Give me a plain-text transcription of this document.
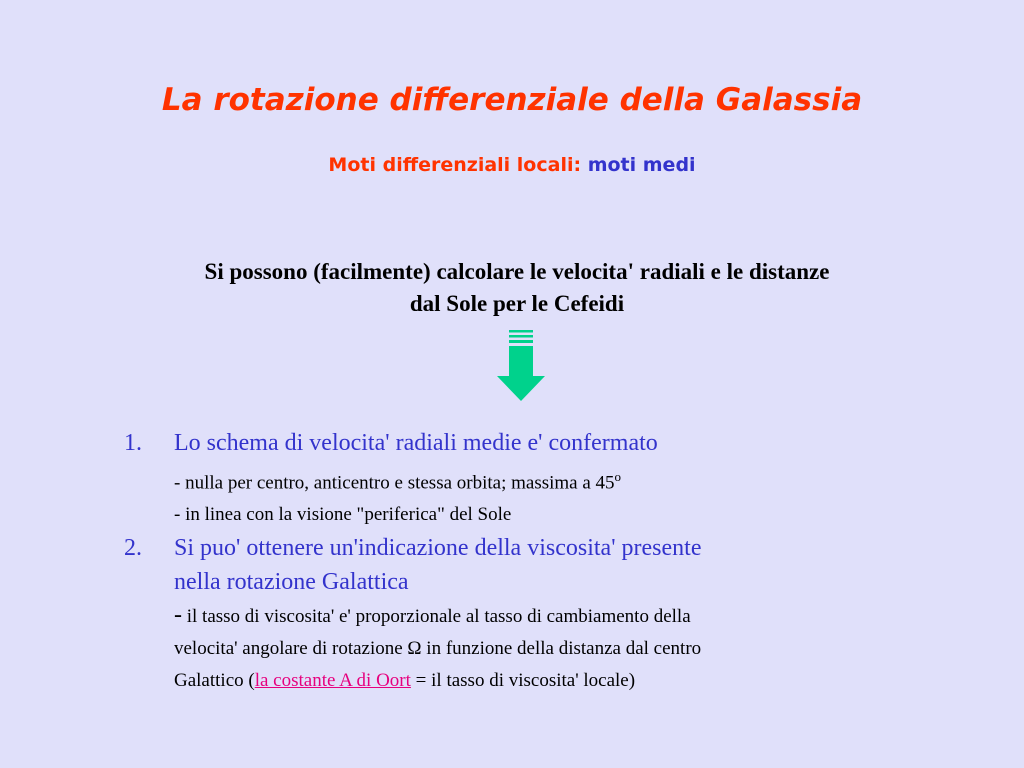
La rotazione differenziale della Galassia

Moti differenziali locali: moti medi

Si possono (facilmente) calcolare le velocita' radiali e le distanze
dal Sole per le Cefeidi

1. Lo schema di velocita' radiali medie e' confermato
- nulla per centro, anticentro e stessa orbita; massima a 45$^o$
- in linea con la visione "periferica" del Sole
2. Si puo' ottenere un'indicazione della viscosita' presente
nella rotazione Galattica
- il tasso di viscosita' e' proporzionale al tasso di cambiamento della
velocita' angolare di rotazione Ω in funzione della distanza dal centro
Galattico (la costante A di Oort = il tasso di viscosita' locale)
